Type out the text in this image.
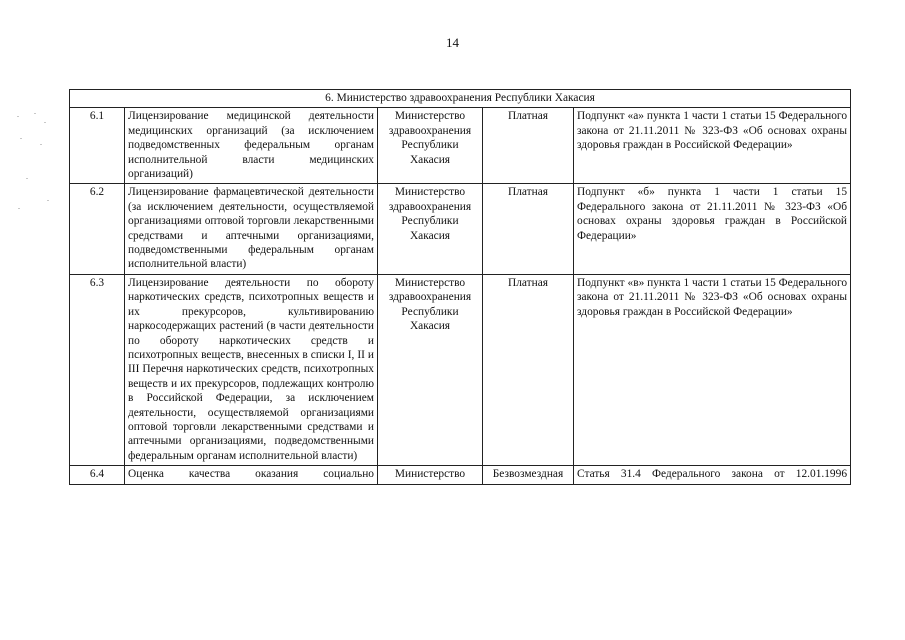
14
6. Министерство здравоохранения Республики Хакасия				
6.1	Лицензирование медицинской деятельности медицинских организаций (за исключением подведомственных федеральным органам исполнительной власти медицинских организаций)	Министерство здравоохранения Республики Хакасия	Платная	Подпункт «а» пункта 1 части 1 статьи 15 Федерального закона от 21.11.2011 № 323-ФЗ «Об основах охраны здоровья граждан в Российской Федерации»
6.2	Лицензирование фармацевтической деятельности (за исключением деятельности, осуществляемой организациями оптовой торговли лекарственными средствами и аптечными организациями, подведомственными федеральным органам исполнительной власти)	Министерство здравоохранения Республики Хакасия	Платная	Подпункт «б» пункта 1 части 1 статьи 15 Федерального закона от 21.11.2011 № 323-ФЗ «Об основах охраны здоровья граждан в Российской Федерации»
6.3	Лицензирование деятельности по обороту наркотических средств, психотропных веществ и их прекурсоров, культивированию наркосодержащих растений (в части деятельности по обороту наркотических средств и психотропных веществ, внесенных в списки I, II и III Перечня наркотических средств, психотропных веществ и их прекурсоров, подлежащих контролю в Российской Федерации, за исключением деятельности, осуществляемой организациями оптовой торговли лекарственными средствами и аптечными организациями, подведомственными федеральным органам исполнительной власти)	Министерство здравоохранения Республики Хакасия	Платная	Подпункт «в» пункта 1 части 1 статьи 15 Федерального закона от 21.11.2011 № 323-ФЗ «Об основах охраны здоровья граждан в Российской Федерации»
6.4	Оценка качества оказания социально	Министерство	Безвозмездная	Статья 31.4 Федерального закона от 12.01.1996
